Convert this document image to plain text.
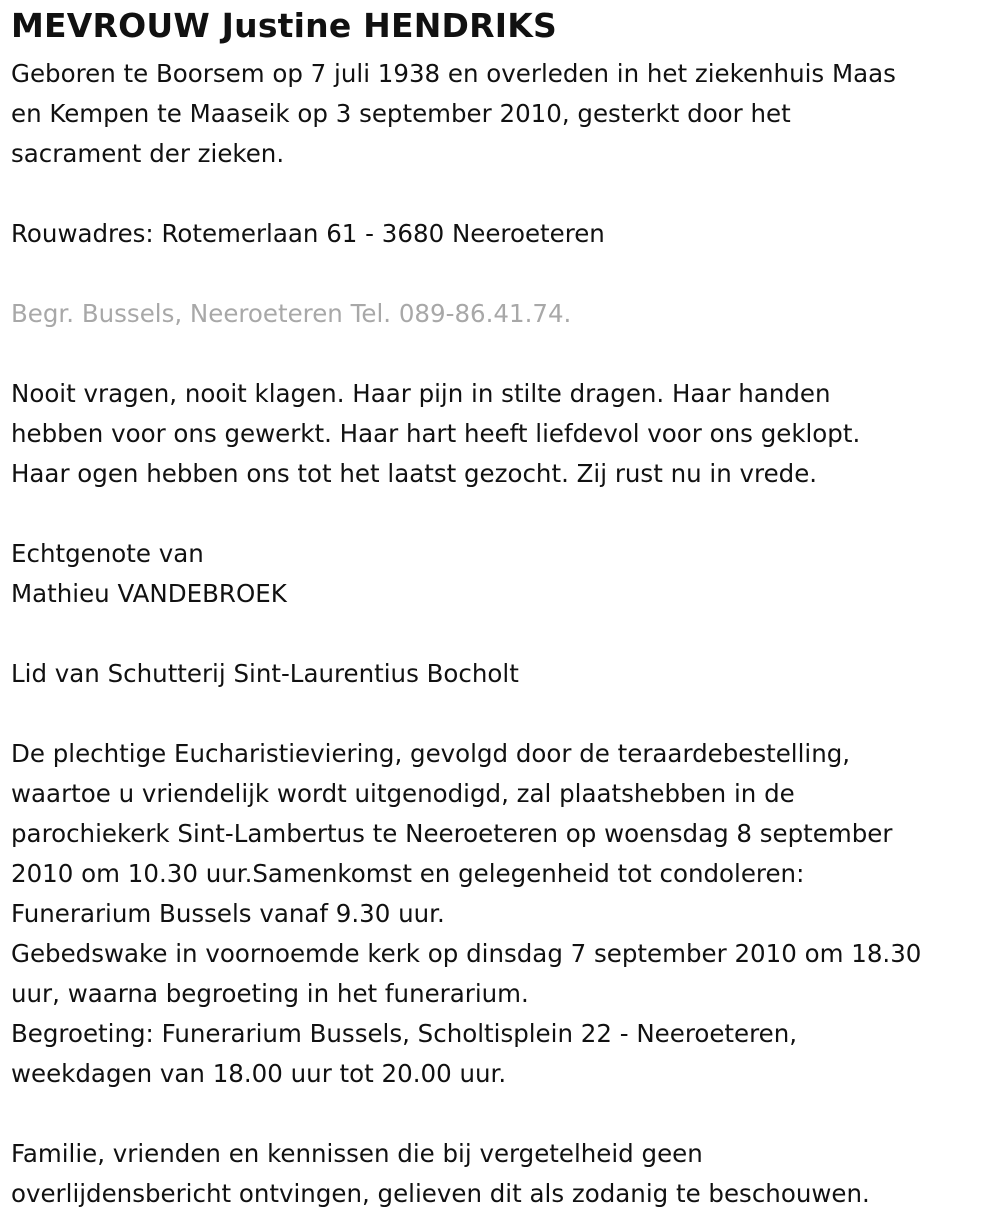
MEVROUW Justine HENDRIKS

Geboren te Boorsem op 7 juli 1938 en overleden in het ziekenhuis Maas

en Kempen te Maaseik op 3 september 2010, gesterkt door het

sacrament der zieken.

Rouwadres: Rotemerlaan 61 - 3680 Neeroeteren

Begr. Bussels, Neeroeteren Tel. 089-86.41.74.

Nooit vragen, nooit klagen. Haar pijn in stilte dragen. Haar handen

hebben voor ons gewerkt. Haar hart heeft liefdevol voor ons geklopt.

Haar ogen hebben ons tot het laatst gezocht. Zij rust nu in vrede.

Echtgenote van

Mathieu VANDEBROEK

Lid van Schutterij Sint-Laurentius Bocholt

De plechtige Eucharistieviering, gevolgd door de teraardebestelling,

waartoe u vriendelijk wordt uitgenodigd, zal plaatshebben in de

parochiekerk Sint-Lambertus te Neeroeteren op woensdag 8 september

2010 om 10.30 uur.Samenkomst en gelegenheid tot condoleren:

Funerarium Bussels vanaf 9.30 uur.

Gebedswake in voornoemde kerk op dinsdag 7 september 2010 om 18.30

uur, waarna begroeting in het funerarium.

Begroeting: Funerarium Bussels, Scholtisplein 22 - Neeroeteren,

weekdagen van 18.00 uur tot 20.00 uur.

Familie, vrienden en kennissen die bij vergetelheid geen

overlijdensbericht ontvingen, gelieven dit als zodanig te beschouwen.
